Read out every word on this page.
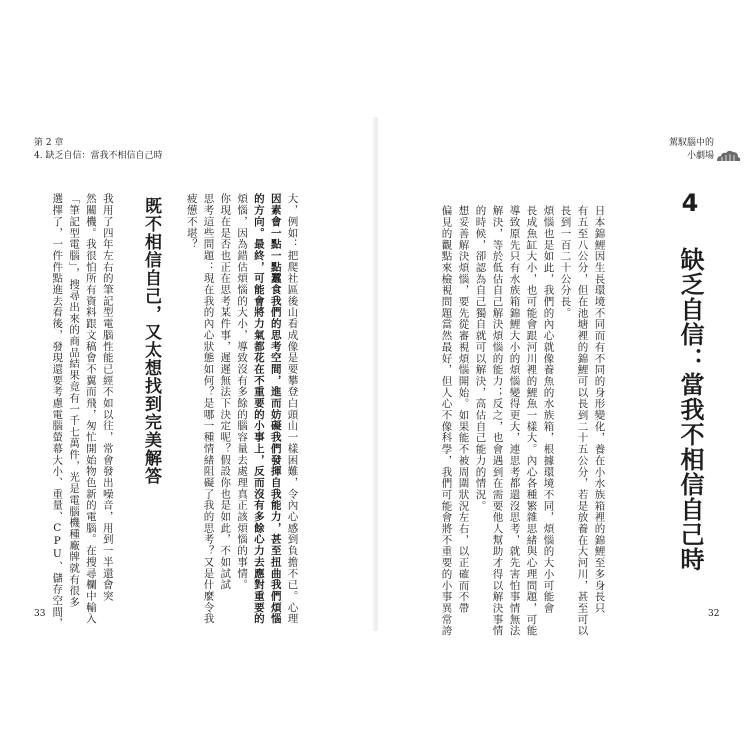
第 2 章
4. 缺乏自信：當我不相信自己時
33	大，例如：把爬社區後山看成像是要攀登白頭山一樣困難，令內心感到負擔不已。心理
因素會一點一點蠶食我們的思考空間，進而妨礙我們發揮自我能力，甚至扭曲我們煩惱
的方向。最終，可能會將力氣都花在不重要的小事上，反而沒有多餘心力去應對重要的
煩惱，因為錯估煩惱的大小，導致沒有多餘的腦容量去處理真正該煩惱的事情。
你現在是否也正在思考某件事，遲遲無法下決定呢？假設你也是如此，不如試試
思考這些問題：現在我的內心狀態如何？是哪一種情緒阻礙了我的思考？又是什麼令我
疲憊不堪？
我用了四年左右的筆記型電腦性能已經不如以往，常會發出噪音，用到一半還會突
然關機。我很怕所有資料跟文稿會不翼而飛，匆忙開始物色新的電腦。在搜尋欄中輸入
「筆記型電腦」，搜尋出來的商品結果竟有一千七萬件，光是電腦機種廠牌就有很多
選擇了，一件件點進去看後，發現還要考慮電腦螢幕大小、重量、CPU、儲存空間，	既不相信自己，又太想找到完美解答
駕馭腦中的
小劇場
32
日本錦鯉因生長環境不同而有不同的身形變化，養在小水族箱裡的錦鯉至多身長只
有五至八公分，但在池塘裡的錦鯉可以長到二十五公分，若是放養在大河川，甚至可以
長到一百二十公分長。
煩惱也是如此，我們的內心就像養魚的水族箱，根據環境不同，煩惱的大小可能會
長成魚缸大小，也可能會跟河川裡的鯉魚一樣大。內心各種繁雜思緒與心理問題，可能
導致原先只有水族箱錦鯉大小的煩惱變得更大，連思考都還沒思考，就先害怕事情無法
解決，等於低估自己解決煩惱的能力；反之，也會遇到在需要他人幫助才得以解決事情
的時候，卻認為自己獨自就可以解決，高估自己能力的情況。
想妥善解決煩惱，要先從審視煩惱開始。如果能不被周圍狀況左右，以正確而不帶
偏見的觀點來檢視問題當然最好，但人心不像科學，我們可能會將不重要的小事異常誇	4 缺乏自信：當我不相信自己時
